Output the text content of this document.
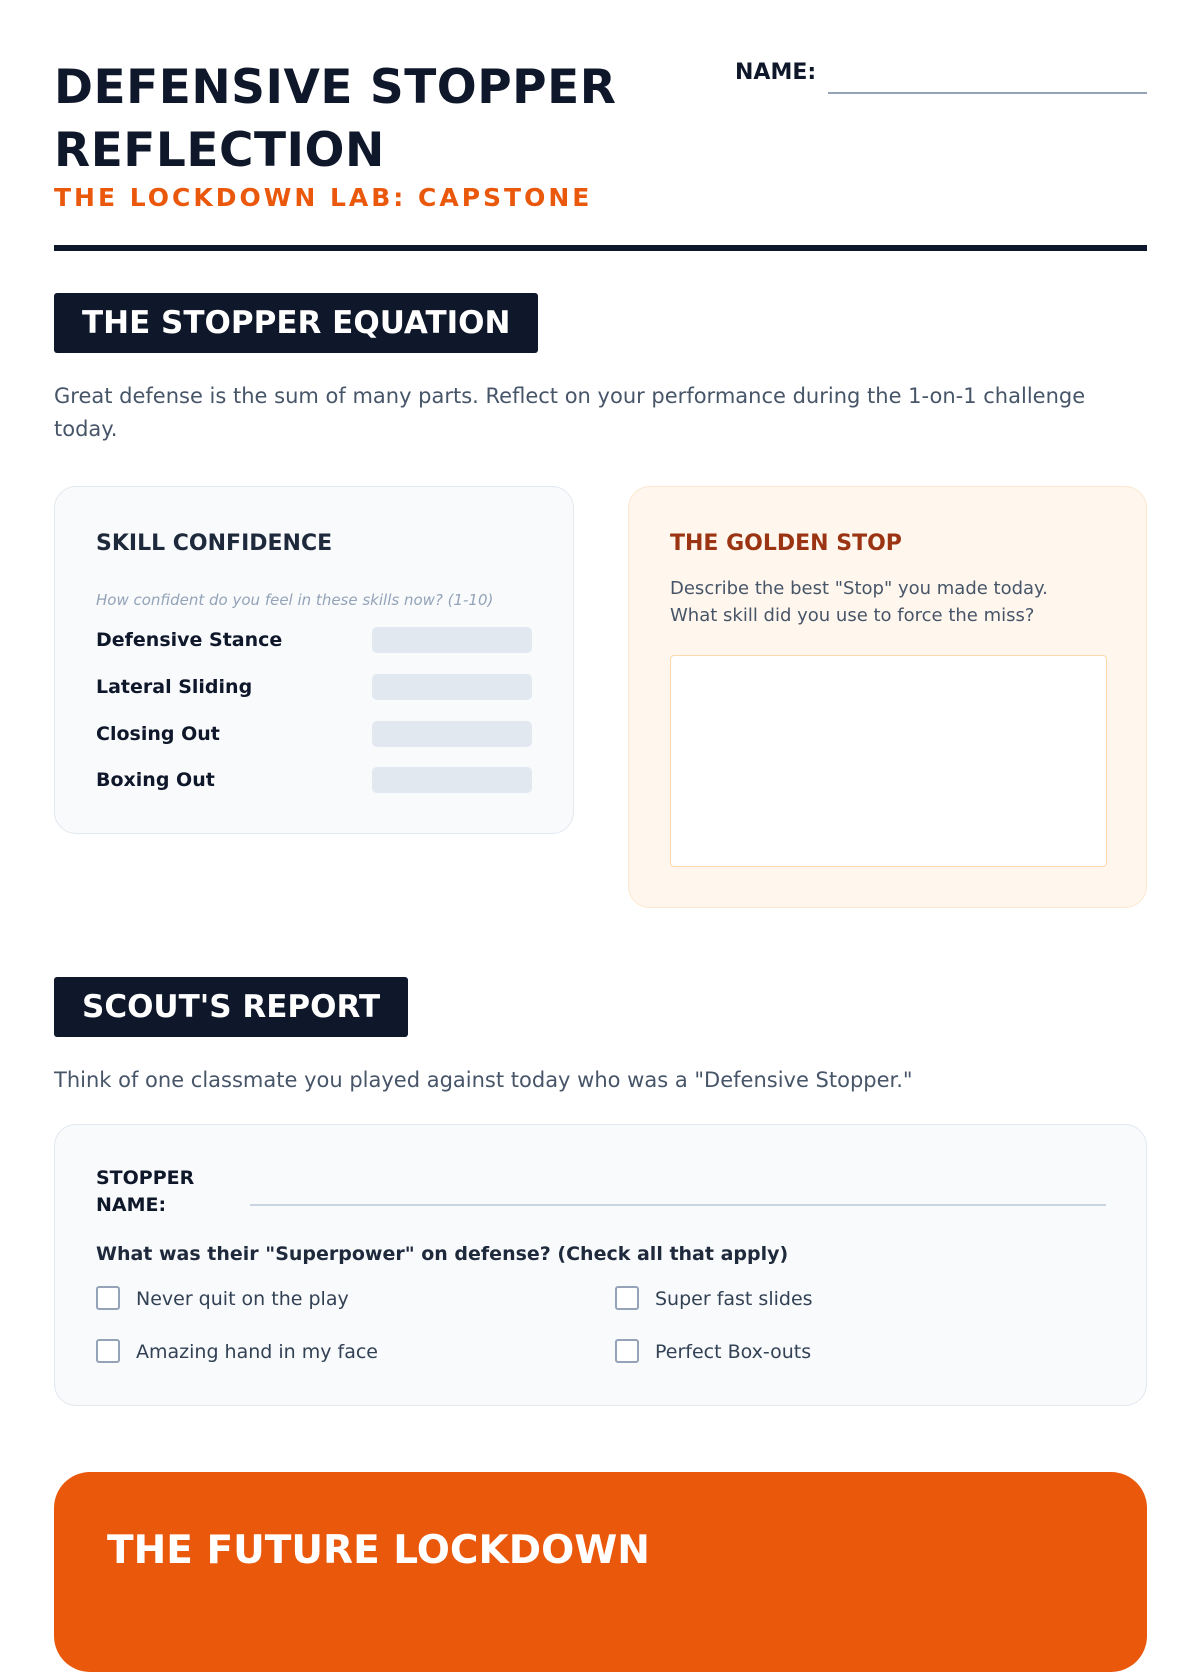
DEFENSIVE STOPPER REFLECTION
THE LOCKDOWN LAB: CAPSTONE
NAME:
THE STOPPER EQUATION
Great defense is the sum of many parts. Reflect on your performance during the 1-on-1 challenge today.
SKILL CONFIDENCE
How confident do you feel in these skills now? (1-10)
Defensive Stance
Lateral Sliding
Closing Out
Boxing Out
THE GOLDEN STOP
Describe the best "Stop" you made today. What skill did you use to force the miss?
SCOUT'S REPORT
Think of one classmate you played against today who was a "Defensive Stopper."
STOPPER NAME:
What was their "Superpower" on defense? (Check all that apply)
Never quit on the play	Super fast slides
Amazing hand in my face	Perfect Box-outs
THE FUTURE LOCKDOWN
